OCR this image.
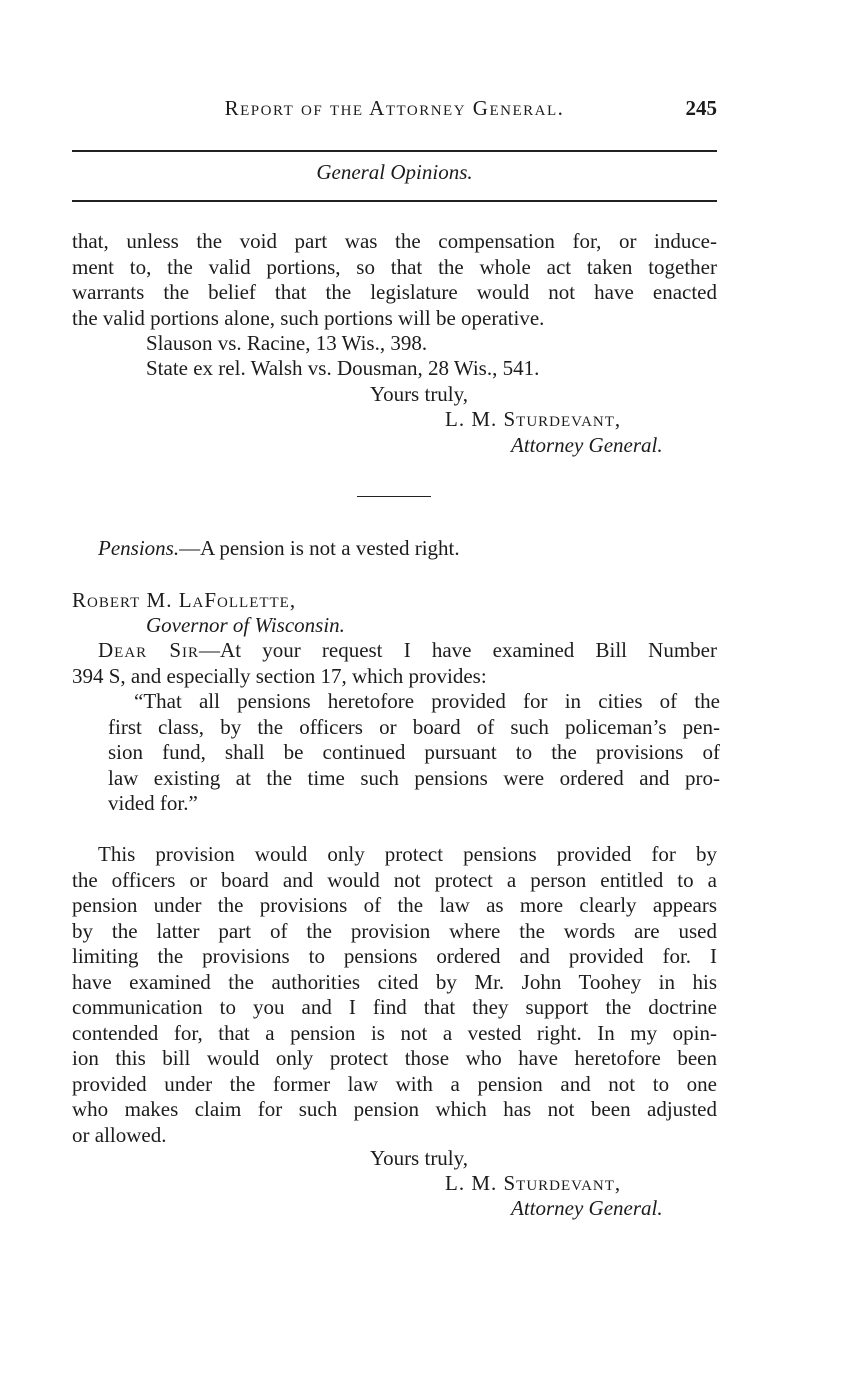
Report of the Attorney General.	245
General Opinions.
that, unless the void part was the compensation for, or induce-
ment to, the valid portions, so that the whole act taken together
warrants the belief that the legislature would not have enacted
the valid portions alone, such portions will be operative.
Slauson vs. Racine, 13 Wis., 398.
State ex rel. Walsh vs. Dousman, 28 Wis., 541.
Yours truly,
L. M. Sturdevant,
Attorney General.
Pensions.—A pension is not a vested right.
Robert M. LaFollette,
Governor of Wisconsin.
Dear Sir—At your request I have examined Bill Number
394 S, and especially section 17, which provides:
“That all pensions heretofore provided for in cities of the
first class, by the officers or board of such policeman’s pen-
sion fund, shall be continued pursuant to the provisions of
law existing at the time such pensions were ordered and pro-
vided for.”
This provision would only protect pensions provided for by
the officers or board and would not protect a person entitled to a
pension under the provisions of the law as more clearly appears
by the latter part of the provision where the words are used
limiting the provisions to pensions ordered and provided for. I
have examined the authorities cited by Mr. John Toohey in his
communication to you and I find that they support the doctrine
contended for, that a pension is not a vested right. In my opin-
ion this bill would only protect those who have heretofore been
provided under the former law with a pension and not to one
who makes claim for such pension which has not been adjusted
or allowed.
Yours truly,
L. M. Sturdevant,
Attorney General.
